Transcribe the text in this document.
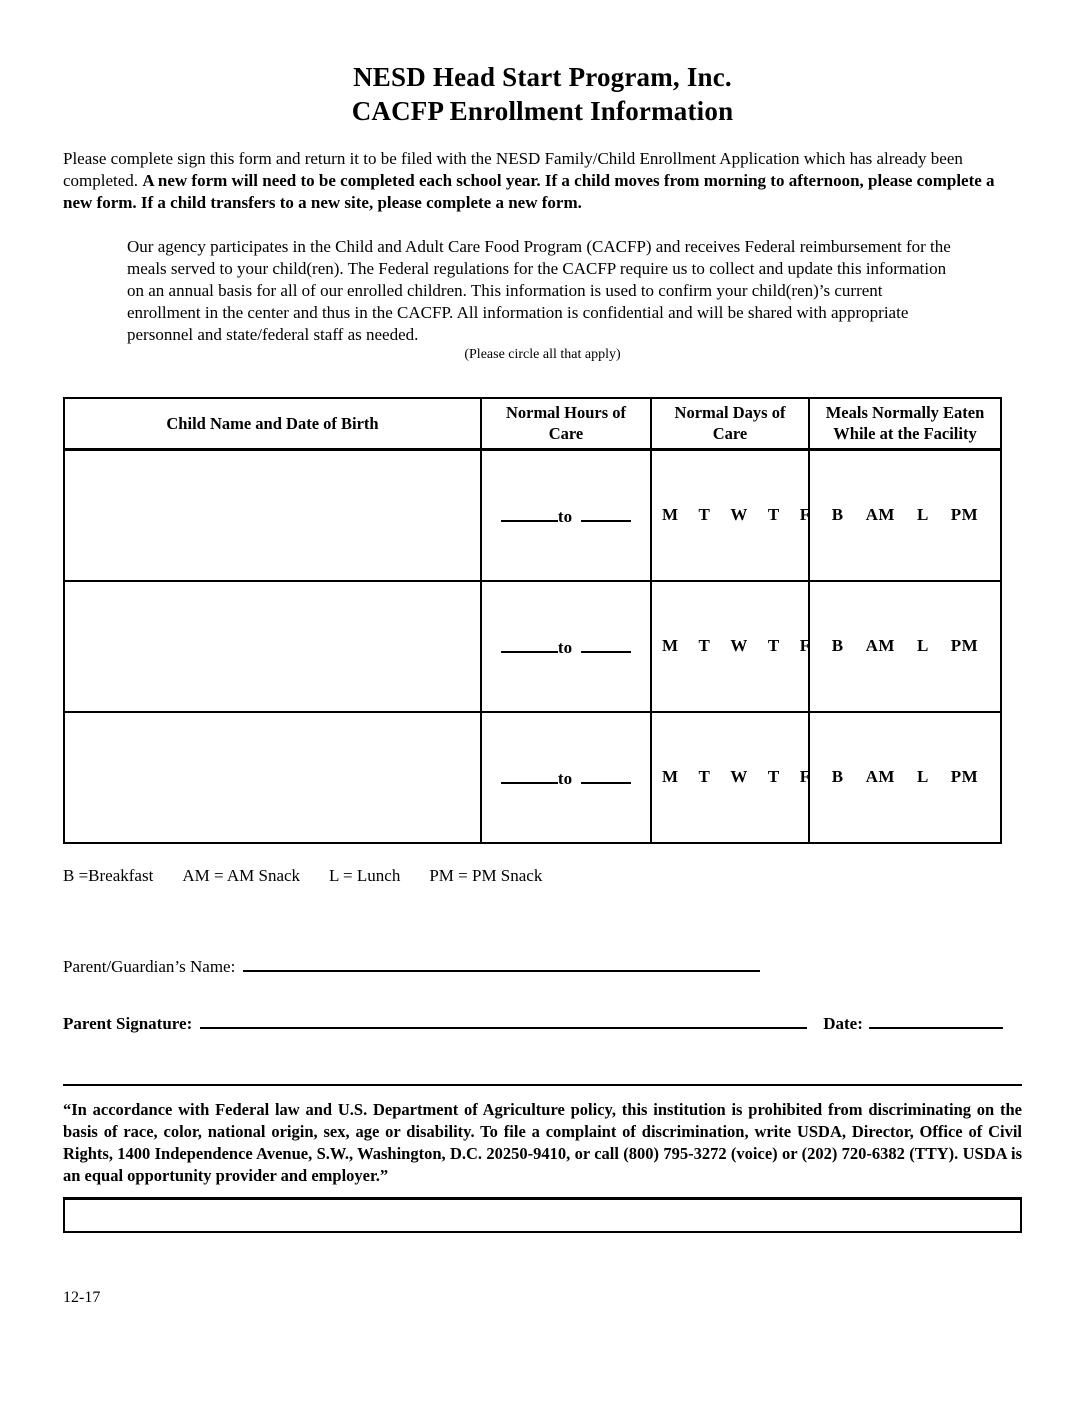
NESD Head Start Program, Inc.
CACFP Enrollment Information

Please complete sign this form and return it to be filed with the NESD Family/Child Enrollment Application which has already been completed. A new form will need to be completed each school year. If a child moves from morning to afternoon, please complete a new form. If a child transfers to a new site, please complete a new form.

Our agency participates in the Child and Adult Care Food Program (CACFP) and receives Federal reimbursement for the meals served to your child(ren). The Federal regulations for the CACFP require us to collect and update this information on an annual basis for all of our enrolled children. This information is used to confirm your child(ren)’s current enrollment in the center and thus in the CACFP. All information is confidential and will be shared with appropriate personnel and state/federal staff as needed.

(Please circle all that apply)
Child Name and Date of Birth	Normal Hours of Care	Normal Days of Care	Meals Normally Eaten While at the Facility
	to	M T W T F	B AM L PM
	to	M T W T F	B AM L PM
	to	M T W T F	B AM L PM
B =Breakfast AM = AM Snack L = Lunch PM = PM Snack
Parent/Guardian’s Name:
Parent Signature:	Date:

“In accordance with Federal law and U.S. Department of Agriculture policy, this institution is prohibited from discriminating on the basis of race, color, national origin, sex, age or disability. To file a complaint of discrimination, write USDA, Director, Office of Civil Rights, 1400 Independence Avenue, S.W., Washington, D.C. 20250-9410, or call (800) 795-3272 (voice) or (202) 720-6382 (TTY). USDA is an equal opportunity provider and employer.”

12-17
